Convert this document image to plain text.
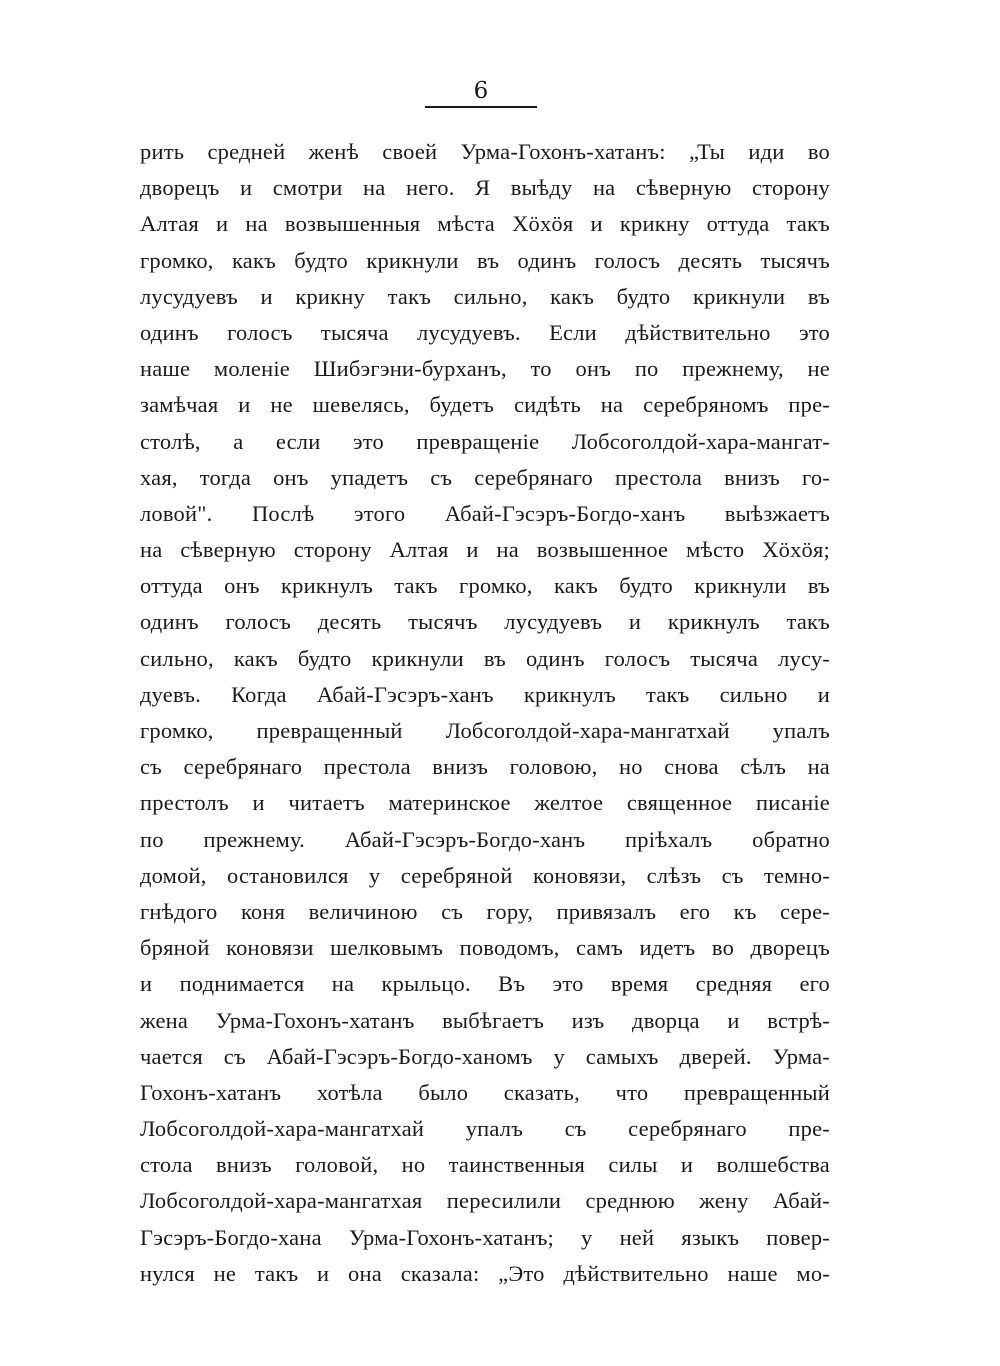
6
рить средней женѣ своей Урма-Гохонъ-хатанъ: „Ты иди во
дворецъ и смотри на него. Я выѣду на сѣверную сторону
Алтая и на возвышенныя мѣста Хӧхӧя и крикну оттуда такъ
громко, какъ будто крикнули въ одинъ голосъ десять тысячъ
лусудуевъ и крикну такъ сильно, какъ будто крикнули въ
одинъ голосъ тысяча лусудуевъ. Если дѣйствительно это
наше моленіе Шибэгэни-бурханъ, то онъ по прежнему, не
замѣчая и не шевелясь, будетъ сидѣть на серебряномъ пре-
столѣ, а если это превращеніе Лобсоголдой-хара-мангат-
хая, тогда онъ упадетъ съ серебрянаго престола внизъ го-
ловой". Послѣ этого Абай-Гэсэръ-Богдо-ханъ выѣзжаетъ
на сѣверную сторону Алтая и на возвышенное мѣсто Хӧхӧя;
оттуда онъ крикнулъ такъ громко, какъ будто крикнули въ
одинъ голосъ десять тысячъ лусудуевъ и крикнулъ такъ
сильно, какъ будто крикнули въ одинъ голосъ тысяча лусу-
дуевъ. Когда Абай-Гэсэръ-ханъ крикнулъ такъ сильно и
громко, превращенный Лобсоголдой-хара-мангатхай упалъ
съ серебрянаго престола внизъ головою, но снова сѣлъ на
престолъ и читаетъ материнское желтое священное писаніе
по прежнему. Абай-Гэсэръ-Богдо-ханъ пріѣхалъ обратно
домой, остановился у серебряной коновязи, слѣзъ съ темно-
гнѣдого коня величиною съ гору, привязалъ его къ сере-
бряной коновязи шелковымъ поводомъ, самъ идетъ во дворецъ
и поднимается на крыльцо. Въ это время средняя его
жена Урма-Гохонъ-хатанъ выбѣгаетъ изъ дворца и встрѣ-
чается съ Абай-Гэсэръ-Богдо-ханомъ у самыхъ дверей. Урма-
Гохонъ-хатанъ хотѣла было сказать, что превращенный
Лобсоголдой-хара-мангатхай упалъ съ серебрянаго пре-
стола внизъ головой, но таинственныя силы и волшебства
Лобсоголдой-хара-мангатхая пересилили среднюю жену Абай-
Гэсэръ-Богдо-хана Урма-Гохонъ-хатанъ; у ней языкъ повер-
нулся не такъ и она сказала: „Это дѣйствительно наше мо-
